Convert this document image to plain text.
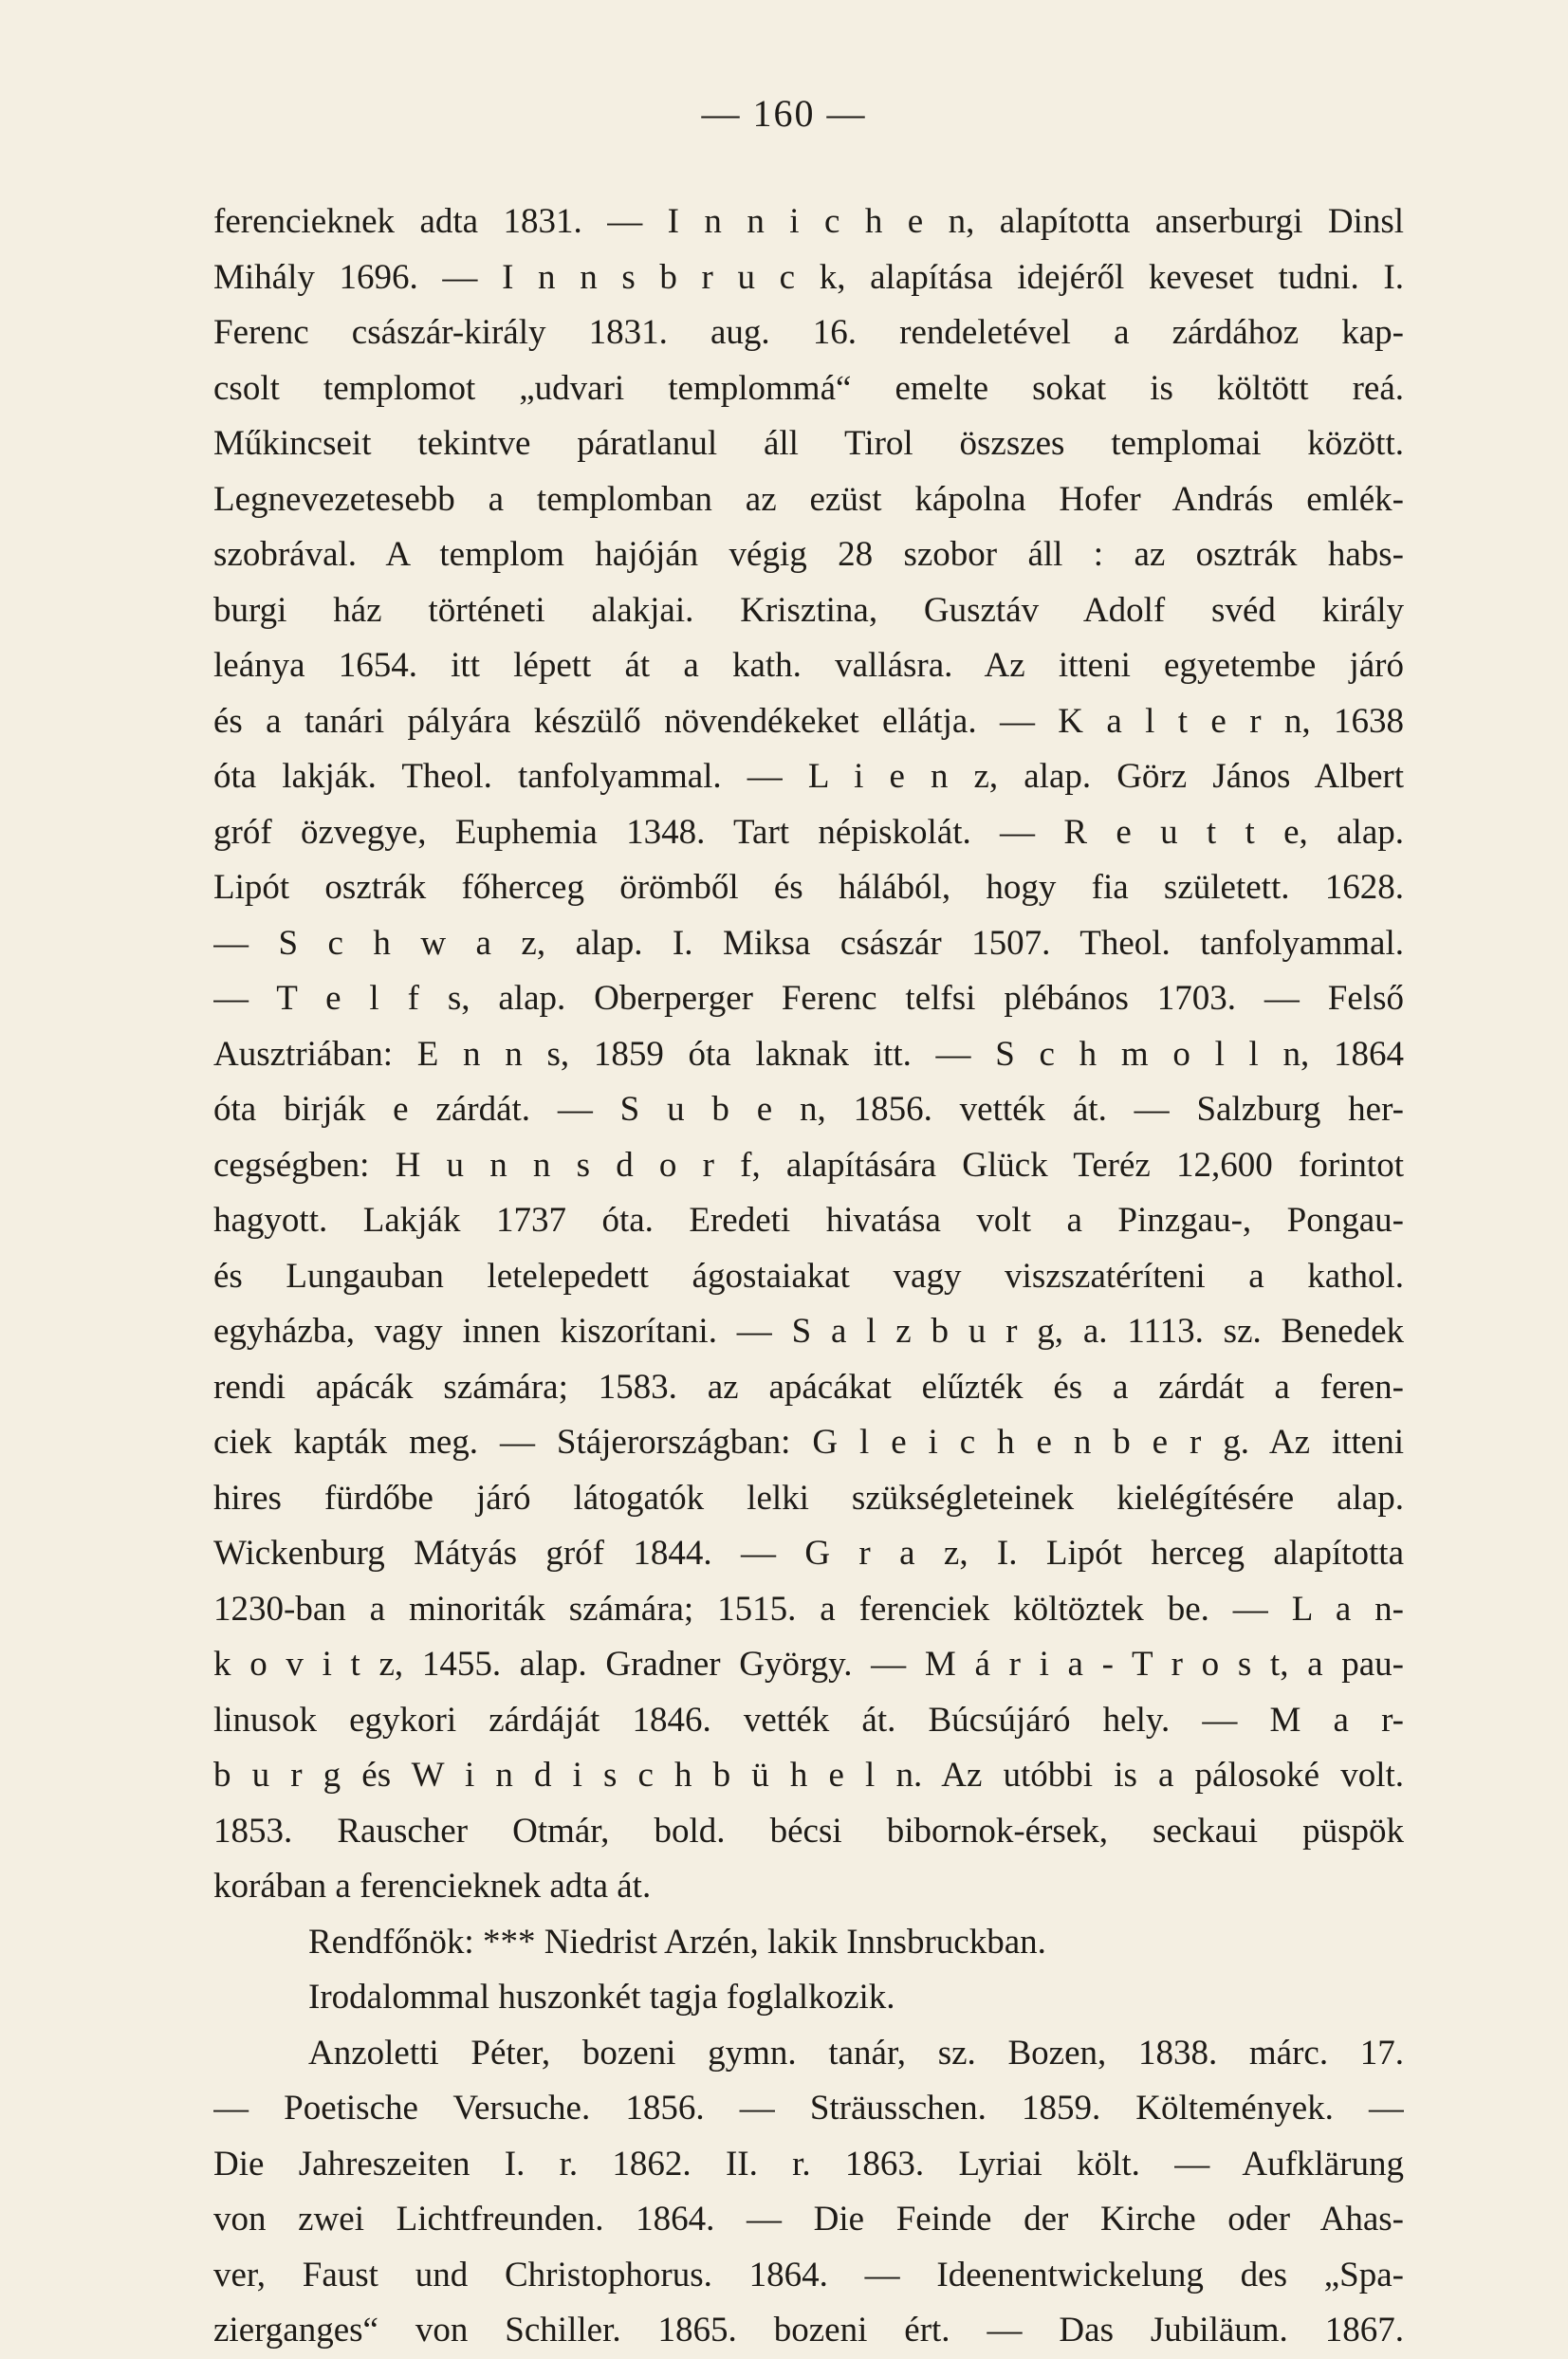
— 160 —
ferencieknek adta 1831. — I n n i c h e n, alapította anserburgi Dinsl
Mihály 1696. — I n n s b r u c k, alapítása idejéről keveset tudni. I.
Ferenc császár-király 1831. aug. 16. rendeletével a zárdához kap-
csolt templomot „udvari templommá“ emelte sokat is költött reá.
Műkincseit tekintve páratlanul áll Tirol öszszes templomai között.
Legnevezetesebb a templomban az ezüst kápolna Hofer András emlék-
szobrával. A templom hajóján végig 28 szobor áll : az osztrák habs-
burgi ház történeti alakjai. Krisztina, Gusztáv Adolf svéd király
leánya 1654. itt lépett át a kath. vallásra. Az itteni egyetembe járó
és a tanári pályára készülő növendékeket ellátja. — K a l t e r n, 1638
óta lakják. Theol. tanfolyammal. — L i e n z, alap. Görz János Albert
gróf özvegye, Euphemia 1348. Tart népiskolát. — R e u t t e, alap.
Lipót osztrák főherceg örömből és hálából, hogy fia született. 1628.
— S c h w a z, alap. I. Miksa császár 1507. Theol. tanfolyammal.
— T e l f s, alap. Oberperger Ferenc telfsi plébános 1703. — Felső
Ausztriában: E n n s, 1859 óta laknak itt. — S c h m o l l n, 1864
óta birják e zárdát. — S u b e n, 1856. vették át. — Salzburg her-
cegségben: H u n n s d o r f, alapítására Glück Teréz 12,600 forintot
hagyott. Lakják 1737 óta. Eredeti hivatása volt a Pinzgau-, Pongau-
és Lungauban letelepedett ágostaiakat vagy viszszatéríteni a kathol.
egyházba, vagy innen kiszorítani. — S a l z b u r g, a. 1113. sz. Benedek
rendi apácák számára; 1583. az apácákat elűzték és a zárdát a feren-
ciek kapták meg. — Stájerországban: G l e i c h e n b e r g. Az itteni
hires fürdőbe járó látogatók lelki szükségleteinek kielégítésére alap.
Wickenburg Mátyás gróf 1844. — G r a z, I. Lipót herceg alapította
1230-ban a minoriták számára; 1515. a ferenciek költöztek be. — L a n-
k o v i t z, 1455. alap. Gradner György. — M á r i a - T r o s t, a pau-
linusok egykori zárdáját 1846. vették át. Búcsújáró hely. — M a r-
b u r g és W i n d i s c h b ü h e l n. Az utóbbi is a pálosoké volt.
1853. Rauscher Otmár, bold. bécsi bibornok-érsek, seckaui püspök
korában a ferencieknek adta át.
Rendfőnök: *** Niedrist Arzén, lakik Innsbruckban.
Irodalommal huszonkét tagja foglalkozik.
Anzoletti Péter, bozeni gymn. tanár, sz. Bozen, 1838. márc. 17.
— Poetische Versuche. 1856. — Sträusschen. 1859. Költemények. —
Die Jahreszeiten I. r. 1862. II. r. 1863. Lyriai költ. — Aufklärung
von zwei Lichtfreunden. 1864. — Die Feinde der Kirche oder Ahas-
ver, Faust und Christophorus. 1864. — Ideenentwickelung des „Spa-
zierganges“ von Schiller. 1865. bozeni ért. — Das Jubiläum. 1867.
